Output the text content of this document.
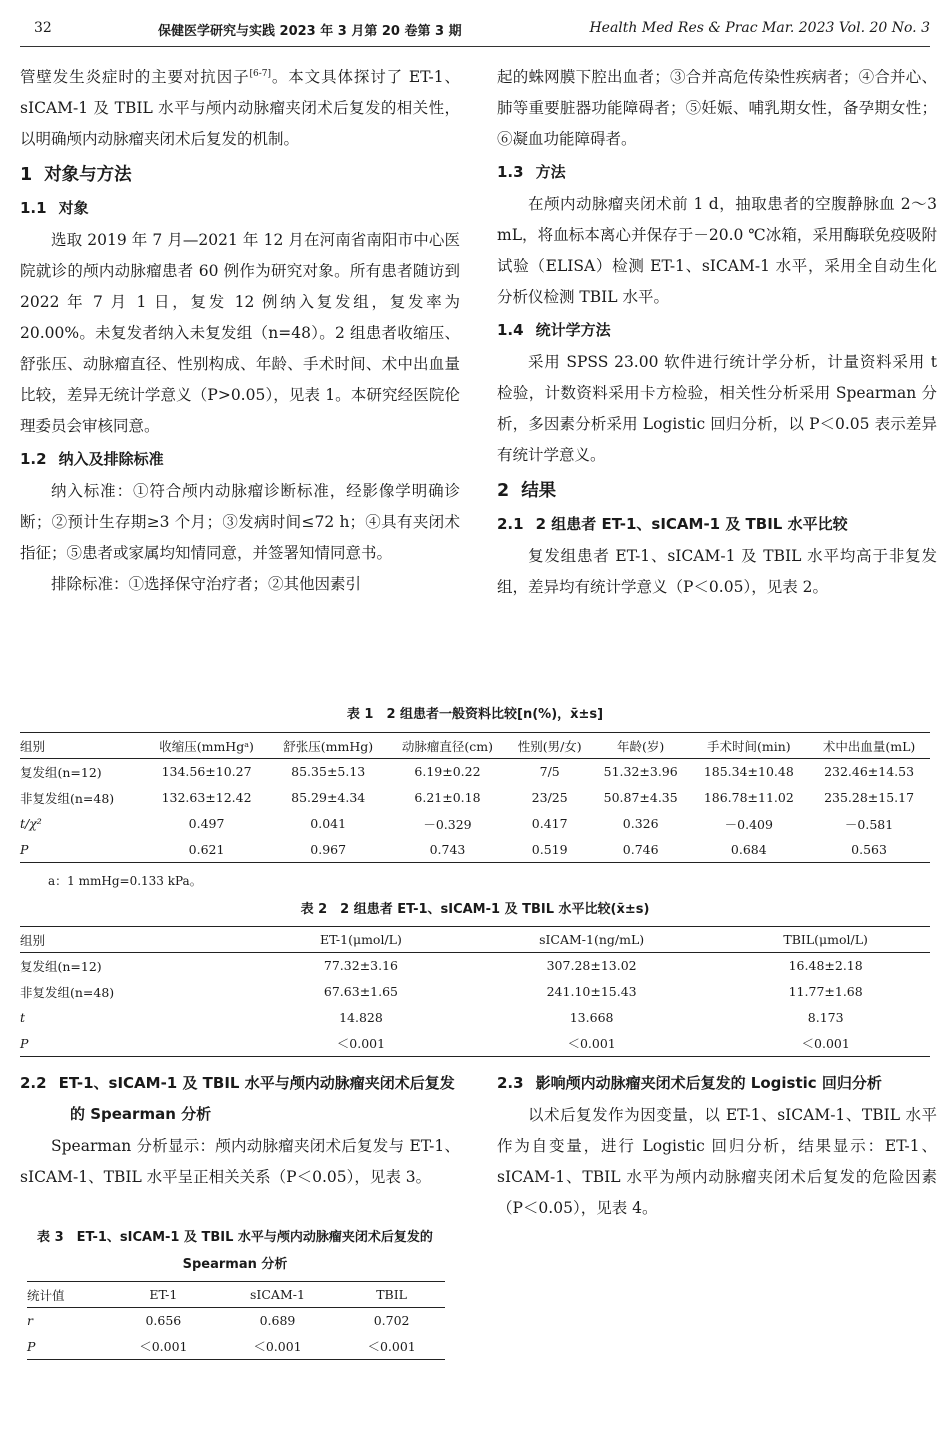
32	保健医学研究与实践 2023 年 3 月第 20 卷第 3 期	Health Med Res & Prac Mar. 2023 Vol. 20 No. 3

管壁发生炎症时的主要对抗因子[6-7]。本文具体探讨了 ET-1、sICAM-1 及 TBIL 水平与颅内动脉瘤夹闭术后复发的相关性，以明确颅内动脉瘤夹闭术后复发的机制。

1 对象与方法
1.1 对象

选取 2019 年 7 月—2021 年 12 月在河南省南阳市中心医院就诊的颅内动脉瘤患者 60 例作为研究对象。所有患者随访到 2022 年 7 月 1 日，复发 12 例纳入复发组，复发率为 20.00%。未复发者纳入未复发组（n=48）。2 组患者收缩压、舒张压、动脉瘤直径、性别构成、年龄、手术时间、术中出血量比较，差异无统计学意义（P>0.05），见表 1。本研究经医院伦理委员会审核同意。

1.2 纳入及排除标准

纳入标准：①符合颅内动脉瘤诊断标准，经影像学明确诊断；②预计生存期≥3 个月；③发病时间≤72 h；④具有夹闭术指征；⑤患者或家属均知情同意，并签署知情同意书。

排除标准：①选择保守治疗者；②其他因素引

起的蛛网膜下腔出血者；③合并高危传染性疾病者；④合并心、肺等重要脏器功能障碍者；⑤妊娠、哺乳期女性，备孕期女性；⑥凝血功能障碍者。

1.3 方法

在颅内动脉瘤夹闭术前 1 d，抽取患者的空腹静脉血 2～3 mL，将血标本离心并保存于－20.0 ℃冰箱，采用酶联免疫吸附试验（ELISA）检测 ET-1、sICAM-1 水平，采用全自动生化分析仪检测 TBIL 水平。

1.4 统计学方法

采用 SPSS 23.00 软件进行统计学分析，计量资料采用 t 检验，计数资料采用卡方检验，相关性分析采用 Spearman 分析，多因素分析采用 Logistic 回归分析，以 P＜0.05 表示差异有统计学意义。

2 结果
2.1 2 组患者 ET-1、sICAM-1 及 TBIL 水平比较

复发组患者 ET-1、sICAM-1 及 TBIL 水平均高于非复发组，差异均有统计学意义（P＜0.05），见表 2。

表 1　2 组患者一般资料比较[n(%)，x̄±s]
组别	收缩压(mmHgᵃ)	舒张压(mmHg)	动脉瘤直径(cm)	性别(男/女)	年龄(岁)	手术时间(min)	术中出血量(mL)
复发组(n=12)	134.56±10.27	85.35±5.13	6.19±0.22	7/5	51.32±3.96	185.34±10.48	232.46±14.53
非复发组(n=48)	132.63±12.42	85.29±4.34	6.21±0.18	23/25	50.87±4.35	186.78±11.02	235.28±15.17
t/χ²	0.497	0.041	－0.329	0.417	0.326	－0.409	－0.581
P	0.621	0.967	0.743	0.519	0.746	0.684	0.563
a：1 mmHg=0.133 kPa。
表 2　2 组患者 ET-1、sICAM-1 及 TBIL 水平比较(x̄±s)
组别	ET-1(μmol/L)	sICAM-1(ng/mL)	TBIL(μmol/L)
复发组(n=12)	77.32±3.16	307.28±13.02	16.48±2.18
非复发组(n=48)	67.63±1.65	241.10±15.43	11.77±1.68
t	14.828	13.668	8.173
P	＜0.001	＜0.001	＜0.001
2.2 ET-1、sICAM-1 及 TBIL 水平与颅内动脉瘤夹闭术后复发的 Spearman 分析

Spearman 分析显示：颅内动脉瘤夹闭术后复发与 ET-1、sICAM-1、TBIL 水平呈正相关关系（P＜0.05），见表 3。

表 3　ET-1、sICAM-1 及 TBIL 水平与颅内动脉瘤夹闭术后复发的 Spearman 分析
统计值	ET-1	sICAM-1	TBIL
r	0.656	0.689	0.702
P	＜0.001	＜0.001	＜0.001
2.3 影响颅内动脉瘤夹闭术后复发的 Logistic 回归分析

以术后复发作为因变量，以 ET-1、sICAM-1、TBIL 水平作为自变量，进行 Logistic 回归分析，结果显示：ET-1、sICAM-1、TBIL 水平为颅内动脉瘤夹闭术后复发的危险因素（P＜0.05），见表 4。
